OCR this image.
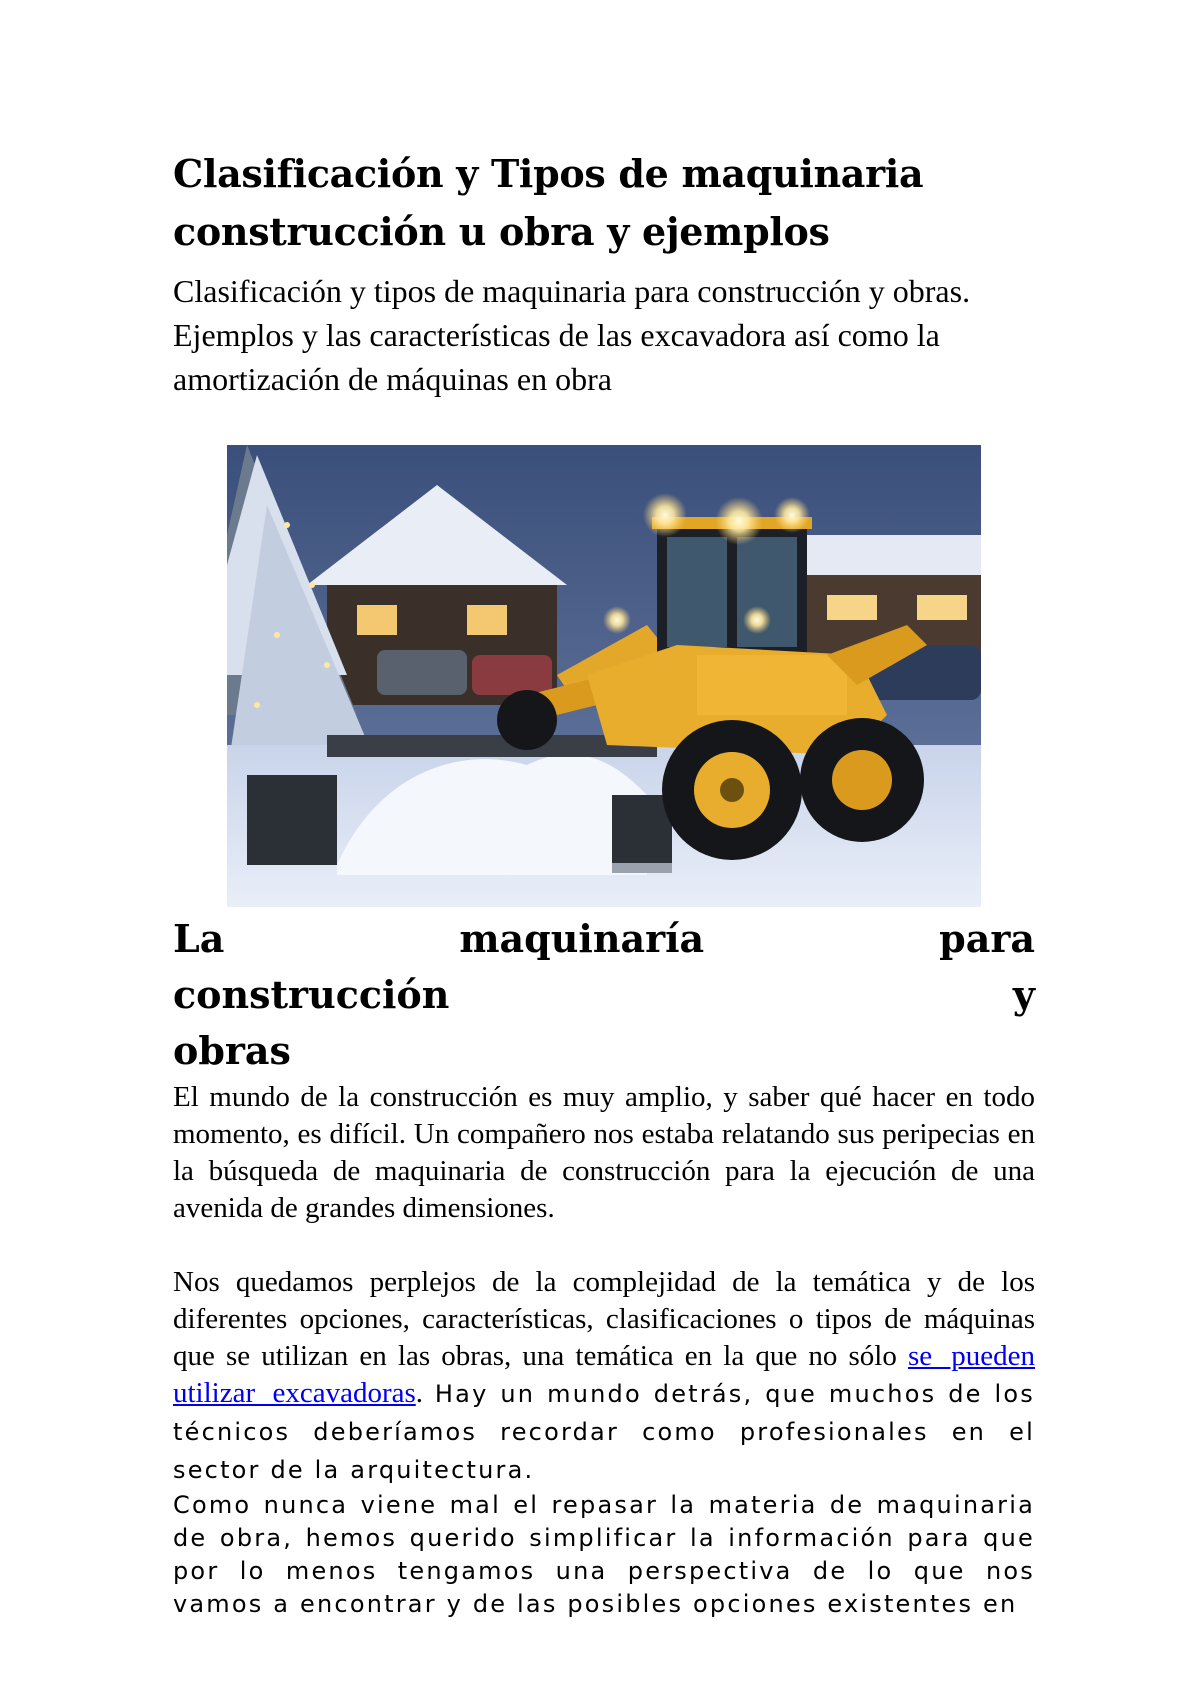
Clasificación y Tipos de maquinaria construcción u obra y ejemplos

Clasificación y tipos de maquinaria para construcción y obras. Ejemplos y las características de las excavadora así como la amortización de máquinas en obra

La maquinaría para construcción y
obras

El mundo de la construcción es muy amplio, y saber qué hacer en todo momento, es difícil. Un compañero nos estaba relatando sus peripecias en la búsqueda de maquinaria de construcción para la ejecución de una avenida de grandes dimensiones.

Nos quedamos perplejos de la complejidad de la temática y de los diferentes opciones, características, clasificaciones o tipos de máquinas que se utilizan en las obras, una temática en la que no sólo se pueden utilizar excavadoras. Hay un mundo detrás, que muchos de los técnicos deberíamos recordar como profesionales en el sector de la arquitectura.

Como nunca viene mal el repasar la materia de maquinaria de obra, hemos querido simplificar la información para que por lo menos tengamos una perspectiva de lo que nos vamos a encontrar y de las posibles opciones existentes en
